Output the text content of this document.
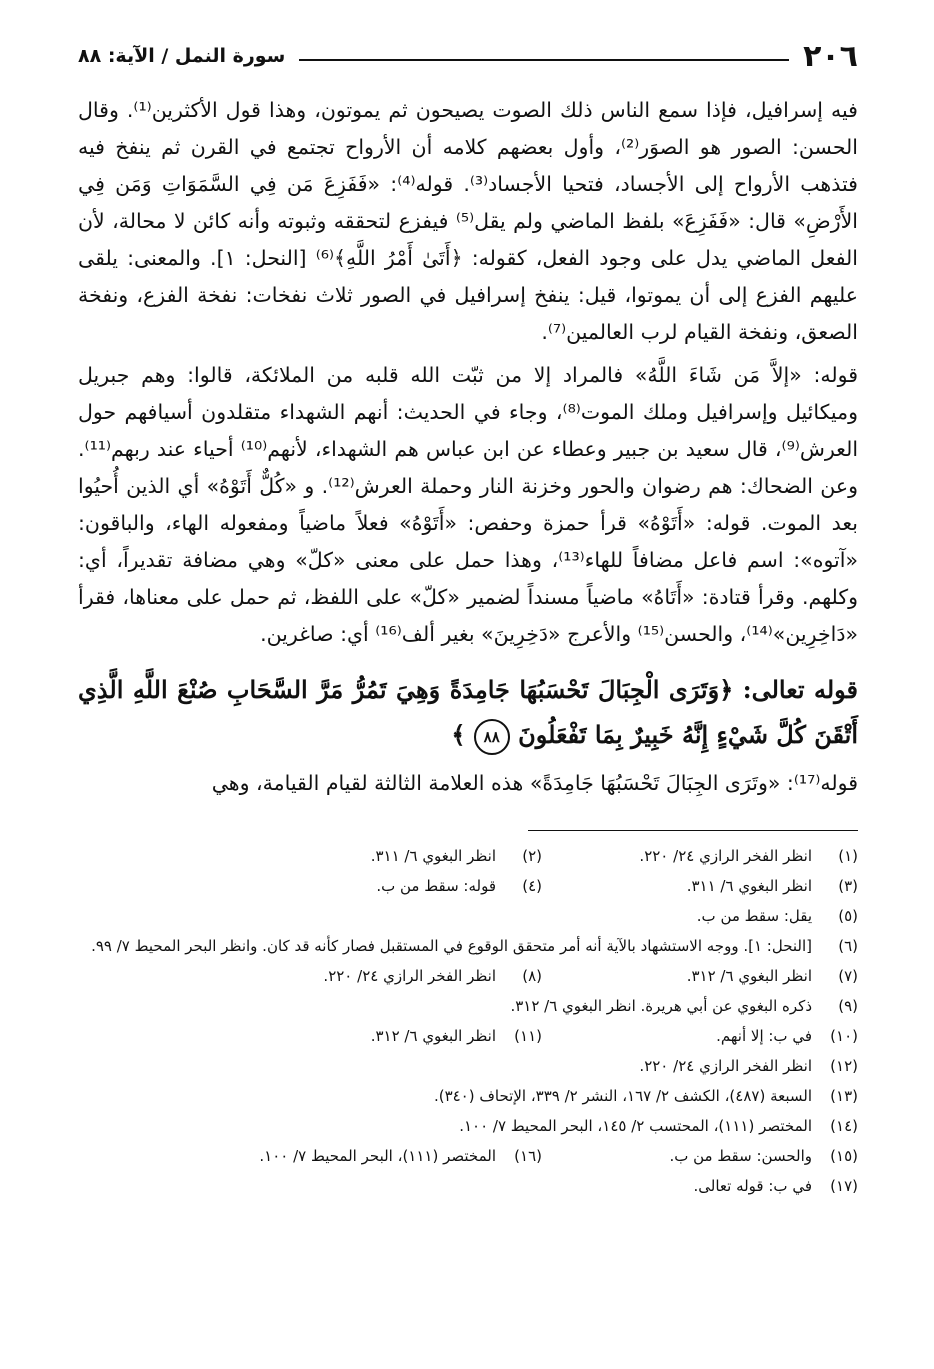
٢٠٦
سورة النمل / الآية: ٨٨

فيه إسرافيل، فإذا سمع الناس ذلك الصوت يصيحون ثم يموتون، وهذا قول الأكثرين⁽¹⁾. وقال الحسن: الصور هو الصوَر⁽²⁾، وأول بعضهم كلامه أن الأرواح تجتمع في القرن ثم ينفخ فيه فتذهب الأرواح إلى الأجساد، فتحيا الأجساد⁽³⁾. قوله⁽⁴⁾: «فَفَزِعَ مَن فِي السَّمَوَاتِ وَمَن فِي الأَرْضِ» قال: «فَفَزِعَ» بلفظ الماضي ولم يقل⁽⁵⁾ فيفزع لتحققه وثبوته وأنه كائن لا محالة، لأن الفعل الماضي يدل على وجود الفعل، كقوله: ﴿أَتَىٰ أَمْرُ اللَّهِ﴾⁽⁶⁾ [النحل: ١]. والمعنى: يلقى عليهم الفزع إلى أن يموتوا، قيل: ينفخ إسرافيل في الصور ثلاث نفخات: نفخة الفزع، ونفخة الصعق، ونفخة القيام لرب العالمين⁽⁷⁾.

قوله: «إلاَّ مَن شَاءَ اللَّهُ» فالمراد إلا من ثبّت الله قلبه من الملائكة، قالوا: وهم جبريل وميكائيل وإسرافيل وملك الموت⁽⁸⁾، وجاء في الحديث: أنهم الشهداء متقلدون أسيافهم حول العرش⁽⁹⁾، قال سعيد بن جبير وعطاء عن ابن عباس هم الشهداء، لأنهم⁽¹⁰⁾ أحياء عند ربهم⁽¹¹⁾. وعن الضحاك: هم رضوان والحور وخزنة النار وحملة العرش⁽¹²⁾. و «كُلٌّ أَتَوْهُ» أي الذين أُحيُوا بعد الموت. قوله: «أَتَوْهُ» قرأ حمزة وحفص: «أَتَوْهُ» فعلاً ماضياً ومفعوله الهاء، والباقون: «آتوه»: اسم فاعل مضافاً للهاء⁽¹³⁾، وهذا حمل على معنى «كلّ» وهي مضافة تقديراً، أي: وكلهم. وقرأ قتادة: «أَتَاهُ» ماضياً مسنداً لضمير «كلّ» على اللفظ، ثم حمل على معناها، فقرأ «دَاخِرِين»⁽¹⁴⁾، والحسن⁽¹⁵⁾ والأعرج «دَخِرِينَ» بغير ألف⁽¹⁶⁾ أي: صاغرين.

قوله تعالى: ﴿وَتَرَى الْجِبَالَ تَحْسَبُهَا جَامِدَةً وَهِيَ تَمُرُّ مَرَّ السَّحَابِ صُنْعَ اللَّهِ الَّذِي أَتْقَنَ كُلَّ شَيْءٍ إِنَّهُ خَبِيرٌ بِمَا تَفْعَلُونَ ٨٨ ﴾

قوله⁽¹⁷⁾: «وتَرَى الجِبَالَ تَحْسَبُهَا جَامِدَةً» هذه العلامة الثالثة لقيام القيامة، وهي

(١)
انظر الفخر الرازي ٢٤/ ٢٢٠.
(٢)
انظر البغوي ٦/ ٣١١.
(٣)
انظر البغوي ٦/ ٣١١.
(٤)
قوله: سقط من ب.
(٥)
يقل: سقط من ب.
(٦)
[النحل: ١]. ووجه الاستشهاد بالآية أنه أمر متحقق الوقوع في المستقبل فصار كأنه قد كان. وانظر البحر المحيط ٧/ ٩٩.
(٧)
انظر البغوي ٦/ ٣١٢.
(٨)
انظر الفخر الرازي ٢٤/ ٢٢٠.
(٩)
ذكره البغوي عن أبي هريرة. انظر البغوي ٦/ ٣١٢.
(١٠)
في ب: إلا أنهم.
(١١)
انظر البغوي ٦/ ٣١٢.
(١٢)
انظر الفخر الرازي ٢٤/ ٢٢٠.
(١٣)
السبعة (٤٨٧)، الكشف ٢/ ١٦٧، النشر ٢/ ٣٣٩، الإتحاف (٣٤٠).
(١٤)
المختصر (١١١)، المحتسب ٢/ ١٤٥، البحر المحيط ٧/ ١٠٠.
(١٥)
والحسن: سقط من ب.
(١٦)
المختصر (١١١)، البحر المحيط ٧/ ١٠٠.
(١٧)
في ب: قوله تعالى.
